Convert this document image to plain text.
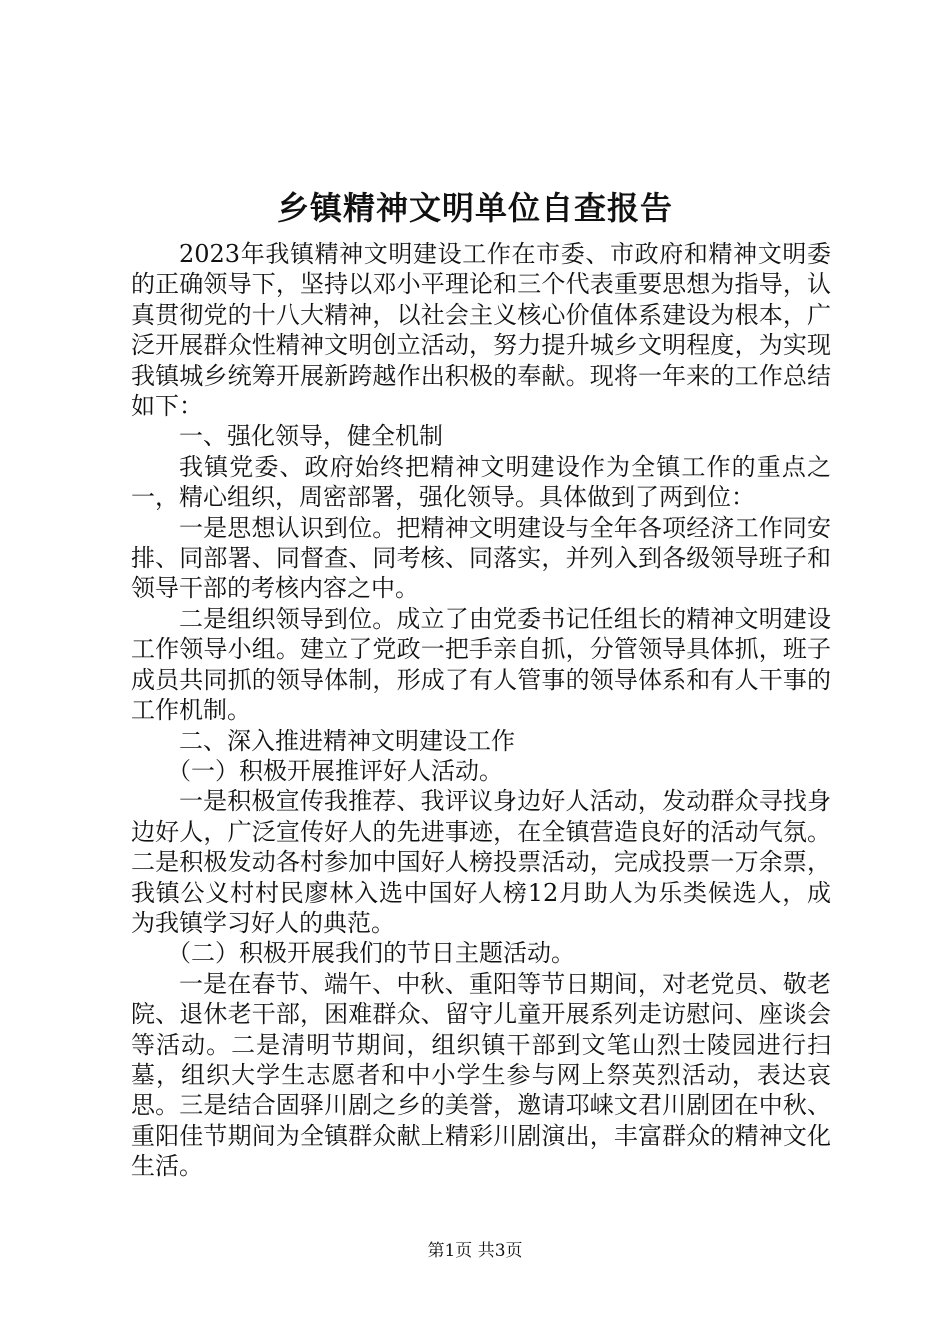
乡镇精神文明单位自查报告

2023年我镇精神文明建设工作在市委、市政府和精神文明委的正确领导下，坚持以邓小平理论和三个代表重要思想为指导，认真贯彻党的十八大精神，以社会主义核心价值体系建设为根本，广泛开展群众性精神文明创立活动，努力提升城乡文明程度，为实现我镇城乡统筹开展新跨越作出积极的奉献。现将一年来的工作总结如下：

一、强化领导，健全机制

我镇党委、政府始终把精神文明建设作为全镇工作的重点之一，精心组织，周密部署，强化领导。具体做到了两到位：

一是思想认识到位。把精神文明建设与全年各项经济工作同安排、同部署、同督查、同考核、同落实，并列入到各级领导班子和领导干部的考核内容之中。

二是组织领导到位。成立了由党委书记任组长的精神文明建设工作领导小组。建立了党政一把手亲自抓，分管领导具体抓，班子成员共同抓的领导体制，形成了有人管事的领导体系和有人干事的工作机制。

二、深入推进精神文明建设工作

（一）积极开展推评好人活动。

一是积极宣传我推荐、我评议身边好人活动，发动群众寻找身边好人，广泛宣传好人的先进事迹，在全镇营造良好的活动气氛。二是积极发动各村参加中国好人榜投票活动，完成投票一万余票，我镇公义村村民廖林入选中国好人榜12月助人为乐类候选人，成为我镇学习好人的典范。

（二）积极开展我们的节日主题活动。

一是在春节、端午、中秋、重阳等节日期间，对老党员、敬老院、退休老干部，困难群众、留守儿童开展系列走访慰问、座谈会等活动。二是清明节期间，组织镇干部到文笔山烈士陵园进行扫墓，组织大学生志愿者和中小学生参与网上祭英烈活动，表达哀思。三是结合固驿川剧之乡的美誉，邀请邛崃文君川剧团在中秋、重阳佳节期间为全镇群众献上精彩川剧演出，丰富群众的精神文化生活。

第1页 共3页
